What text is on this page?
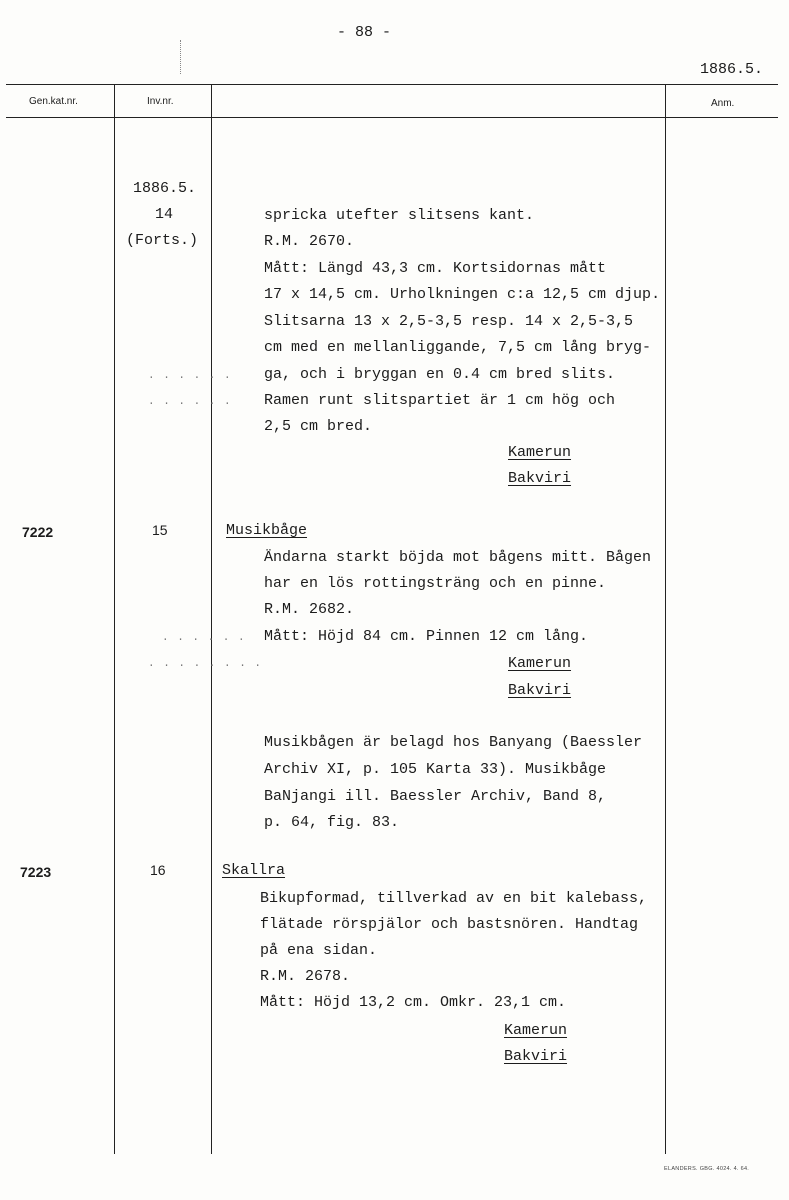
- 88 -
1886.5.
Gen.kat.nr.	Inv.nr.	Anm.
1886.5.
14
(Forts.)
spricka utefter slitsens kant.
R.M. 2670.
Mått: Längd 43,3 cm. Kortsidornas mått
17 x 14,5 cm. Urholkningen c:a 12,5 cm djup.
Slitsarna 13 x 2,5-3,5 resp. 14 x 2,5-3,5
cm med en mellanliggande, 7,5 cm lång bryg-
ga, och i bryggan en 0.4 cm bred slits.
Ramen runt slitspartiet är 1 cm hög och
2,5 cm bred.
Kamerun
Bakviri
. . . . . .
. . . . . .
7222	15	Musikbåge
Ändarna starkt böjda mot bågens mitt. Bågen
har en lös rottingsträng och en pinne.
R.M. 2682.
Mått: Höjd 84 cm. Pinnen 12 cm lång.
Kamerun
Bakviri
. . . . . .
. . . . . . . .
Musikbågen är belagd hos Banyang (Baessler
Archiv XI, p. 105 Karta 33). Musikbåge
BaNjangi ill. Baessler Archiv, Band 8,
p. 64, fig. 83.
7223	16	Skallra
Bikupformad, tillverkad av en bit kalebass,
flätade rörspjälor och bastsnören. Handtag
på ena sidan.
R.M. 2678.
Mått: Höjd 13,2 cm. Omkr. 23,1 cm.
Kamerun
Bakviri
ELANDERS. GBG. 4024. 4. 64.
